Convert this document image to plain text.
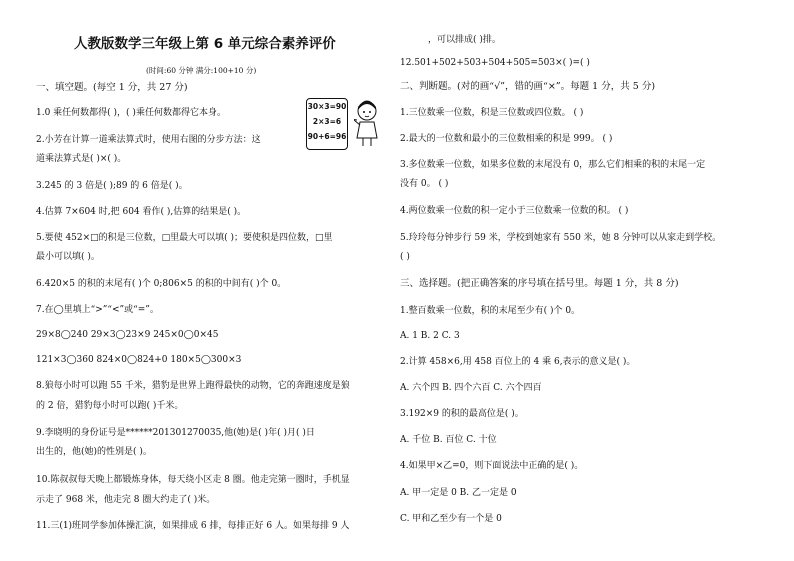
人教版数学三年级上第 6 单元综合素养评价
(时间:60 分钟 满分:100+10 分)
一、填空题。(每空 1 分，共 27 分)
1.0 乘任何数都得( )，( )乘任何数都得它本身。
2.小芳在计算一道乘法算式时，使用右图的分步方法：这
道乘法算式是( )×( )。
3.245 的 3 倍是( );89 的 6 倍是( )。
4.估算 7×604 时,把 604 看作( ),估算的结果是( )。
5.要使 452×□的积是三位数，□里最大可以填( )；要使积是四位数，□里
最小可以填( )。
6.420×5 的积的末尾有( )个 0;806×5 的积的中间有( )个 0。
7.在◯里填上“>”“<”或“=”。
29×8◯240 29×3◯23×9 245×0◯0×45
121×3◯360 824×0◯824+0 180×5◯300×3
8.狼每小时可以跑 55 千米，猎豹是世界上跑得最快的动物，它的奔跑速度是狼
的 2 倍，猎豹每小时可以跑( )千米。
9.李晓明的身份证号是******201301270035,他(她)是( )年( )月( )日
出生的，他(她)的性别是( )。
10.陈叔叔每天晚上都锻炼身体，每天绕小区走 8 圈。他走完第一圈时，手机显
示走了 968 米，他走完 8 圈大约走了( )米。
11.三(1)班同学参加体操汇演，如果排成 6 排，每排正好 6 人。如果每排 9 人
30×3=90
2×3=6
90+6=96
，可以排成( )排。
12.501+502+503+504+505=503×( )=( )
二、判断题。(对的画“√”，错的画“×”。每题 1 分，共 5 分)
1.三位数乘一位数，积是三位数或四位数。 ( )
2.最大的一位数和最小的三位数相乘的积是 999。 ( )
3.多位数乘一位数，如果多位数的末尾没有 0，那么它们相乘的积的末尾一定
没有 0。 ( )
4.两位数乘一位数的积一定小于三位数乘一位数的积。 ( )
5.玲玲每分钟步行 59 米，学校到她家有 550 米，她 8 分钟可以从家走到学校。
( )
三、选择题。(把正确答案的序号填在括号里。每题 1 分，共 8 分)
1.整百数乘一位数，积的末尾至少有( )个 0。
A. 1 B. 2 C. 3
2.计算 458×6,用 458 百位上的 4 乘 6,表示的意义是( )。
A. 六个四 B. 四个六百 C. 六个四百
3.192×9 的积的最高位是( )。
A. 千位 B. 百位 C. 十位
4.如果甲×乙=0，则下面说法中正确的是( )。
A. 甲一定是 0 B. 乙一定是 0
C. 甲和乙至少有一个是 0
